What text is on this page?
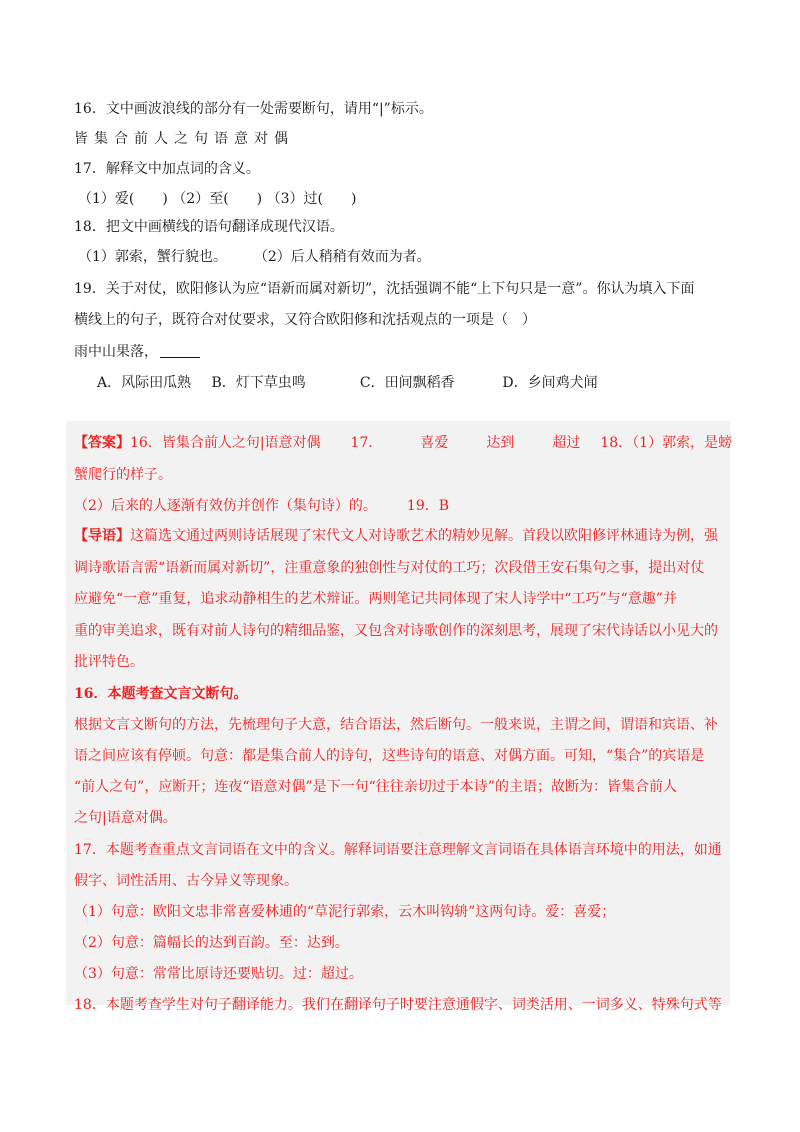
16．文中画波浪线的部分有一处需要断句，请用“|”标示。
皆集合前人之句语意对偶
17．解释文中加点词的含义。
（1）爱(　　) （2）至(　　) （3）过(　　)
18．把文中画横线的语句翻译成现代汉语。
（1）郭索，蟹行貌也。 （2）后人稍稍有效而为者。
19．关于对仗，欧阳修认为应“语新而属对新切”，沈括强调不能“上下句只是一意”。你认为填入下面
横线上的句子，既符合对仗要求，又符合欧阳修和沈括观点的一项是（　）
雨中山果落，
A．风际田瓜熟 B．灯下草虫鸣	C．田间飘稻香	D．乡间鸡犬闻
【答案】16．皆集合前人之句|语意对偶 17．	喜爱	达到	超过 18．（1）郭索，是螃
蟹爬行的样子。
（2）后来的人逐渐有效仿并创作（集句诗）的。 19．B
【导语】这篇选文通过两则诗话展现了宋代文人对诗歌艺术的精妙见解。首段以欧阳修评林逋诗为例，强
调诗歌语言需“语新而属对新切”，注重意象的独创性与对仗的工巧；次段借王安石集句之事，提出对仗
应避免“一意”重复，追求动静相生的艺术辩证。两则笔记共同体现了宋人诗学中“工巧”与“意趣”并
重的审美追求，既有对前人诗句的精细品鉴，又包含对诗歌创作的深刻思考，展现了宋代诗话以小见大的
批评特色。
16．本题考查文言文断句。
根据文言文断句的方法，先梳理句子大意，结合语法，然后断句。一般来说，主谓之间，谓语和宾语、补
语之间应该有停顿。句意：都是集合前人的诗句，这些诗句的语意、对偶方面。可知，“集合”的宾语是
“前人之句”，应断开；连夜“语意对偶”是下一句“往往亲切过于本诗”的主语；故断为：皆集合前人
之句|语意对偶。
17．本题考查重点文言词语在文中的含义。解释词语要注意理解文言词语在具体语言环境中的用法，如通
假字、词性活用、古今异义等现象。
（1）句意：欧阳文忠非常喜爱林逋的“草泥行郭索，云木叫钩辀”这两句诗。爱：喜爱；
（2）句意：篇幅长的达到百韵。至：达到。
（3）句意：常常比原诗还要贴切。过：超过。
18．本题考查学生对句子翻译能力。我们在翻译句子时要注意通假字、词类活用、一词多义、特殊句式等
